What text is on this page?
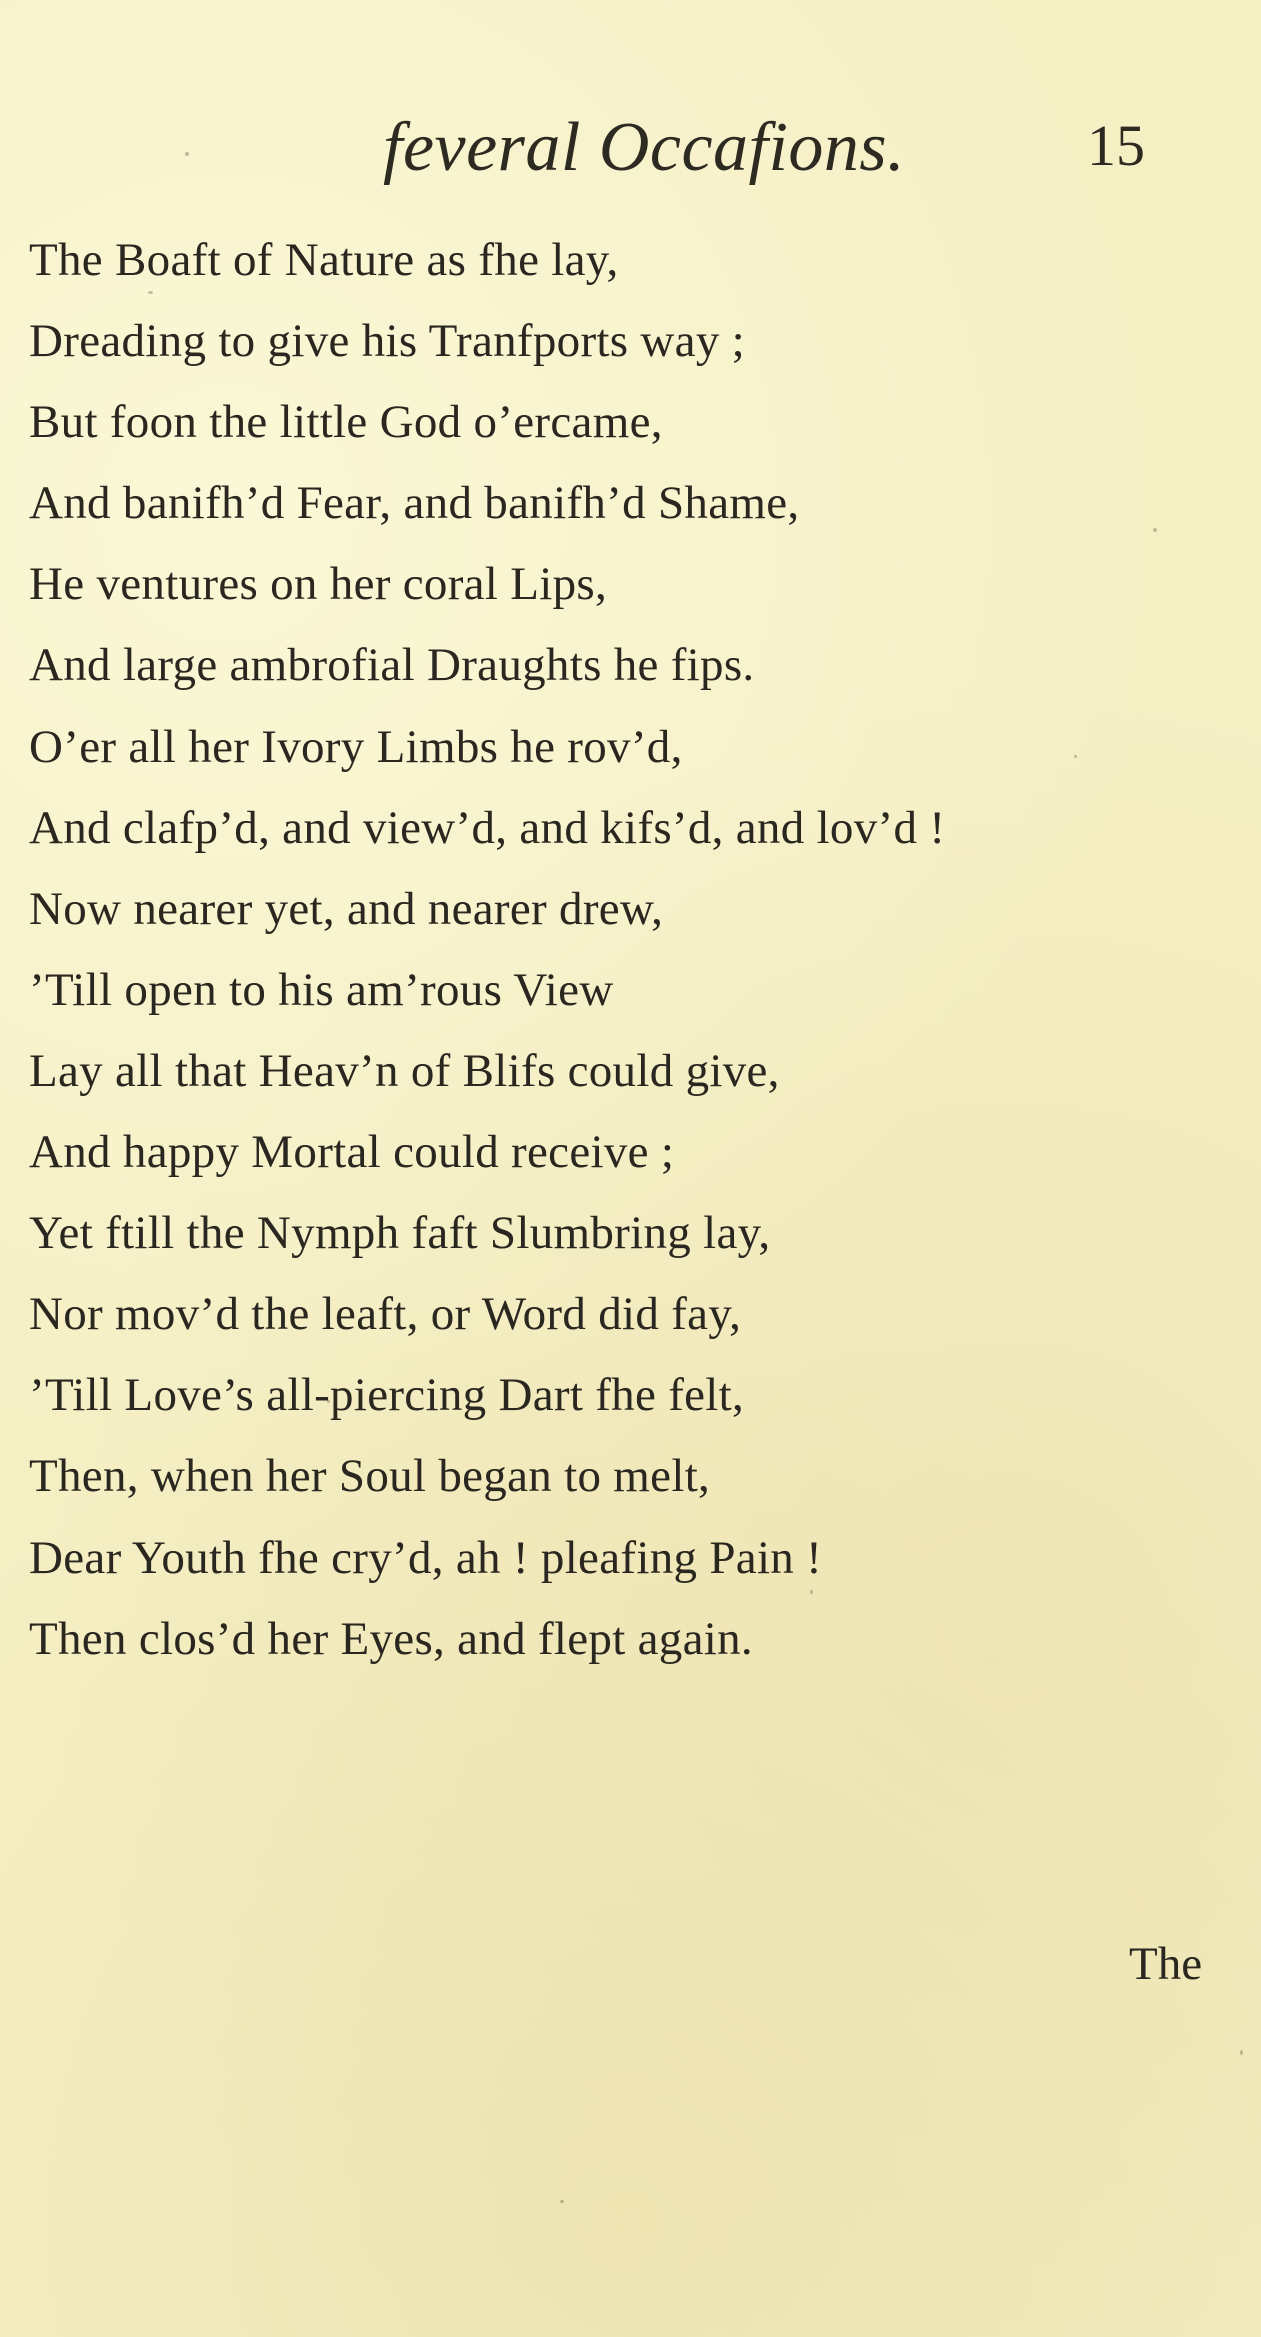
feveral Occafions.	15
The Boaft of Nature as fhe lay,
Dreading to give his Tranfports way ;
But foon the little God o’ercame,
And banifh’d Fear, and banifh’d Shame,
He ventures on her coral Lips,
And large ambrofial Draughts he fips.
O’er all her Ivory Limbs he rov’d,
And clafp’d, and view’d, and kifs’d, and lov’d !
Now nearer yet, and nearer drew,
’Till open to his am’rous View
Lay all that Heav’n of Blifs could give,
And happy Mortal could receive ;
Yet ftill the Nymph faft Slumbring lay,
Nor mov’d the leaft, or Word did fay,
’Till Love’s all-piercing Dart fhe felt,
Then, when her Soul began to melt,
Dear Youth fhe cry’d, ah ! pleafing Pain !
Then clos’d her Eyes, and flept again.
The
